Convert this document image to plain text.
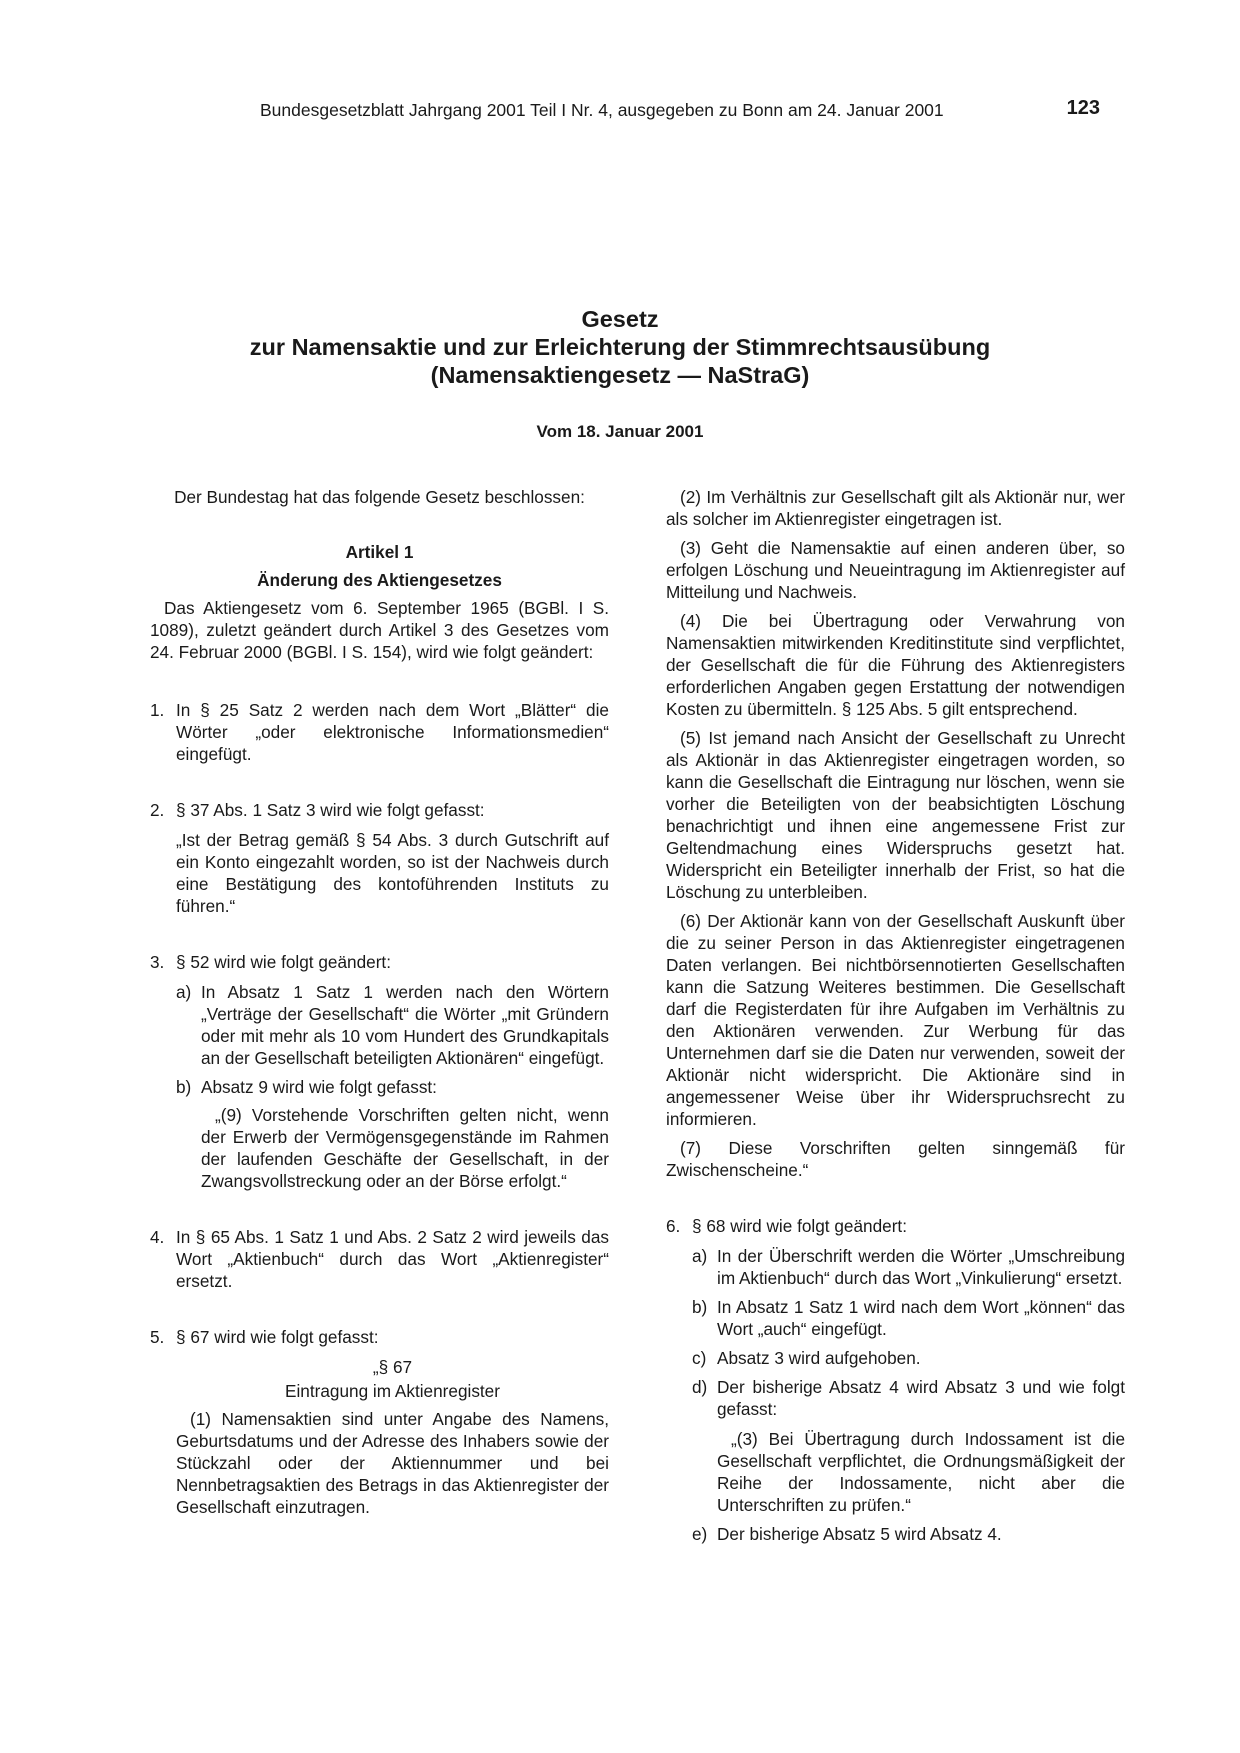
Bundesgesetzblatt Jahrgang 2001 Teil I Nr. 4, ausgegeben zu Bonn am 24. Januar 2001	123
Gesetz
zur Namensaktie und zur Erleichterung der Stimmrechtsausübung
(Namensaktiengesetz — NaStraG)
Vom 18. Januar 2001

Der Bundestag hat das folgende Gesetz beschlossen:

Artikel 1

Änderung des Aktiengesetzes

Das Aktiengesetz vom 6. September 1965 (BGBl. I S. 1089), zuletzt geändert durch Artikel 3 des Gesetzes vom 24. Februar 2000 (BGBl. I S. 154), wird wie folgt geändert:

1. In § 25 Satz 2 werden nach dem Wort „Blätter“ die Wörter „oder elektronische Informationsmedien“ eingefügt.

2. § 37 Abs. 1 Satz 3 wird wie folgt gefasst:

„Ist der Betrag gemäß § 54 Abs. 3 durch Gutschrift auf ein Konto eingezahlt worden, so ist der Nachweis durch eine Bestätigung des kontoführenden Instituts zu führen.“

3. § 52 wird wie folgt geändert:

a) In Absatz 1 Satz 1 werden nach den Wörtern „Verträge der Gesellschaft“ die Wörter „mit Gründern oder mit mehr als 10 vom Hundert des Grundkapitals an der Gesellschaft beteiligten Aktionären“ eingefügt.

b) Absatz 9 wird wie folgt gefasst:

„(9) Vorstehende Vorschriften gelten nicht, wenn der Erwerb der Vermögensgegenstände im Rahmen der laufenden Geschäfte der Gesellschaft, in der Zwangsvollstreckung oder an der Börse erfolgt.“

4. In § 65 Abs. 1 Satz 1 und Abs. 2 Satz 2 wird jeweils das Wort „Aktienbuch“ durch das Wort „Aktienregister“ ersetzt.

5. § 67 wird wie folgt gefasst:

„§ 67

Eintragung im Aktienregister

(1) Namensaktien sind unter Angabe des Namens, Geburtsdatums und der Adresse des Inhabers sowie der Stückzahl oder der Aktiennummer und bei Nennbetragsaktien des Betrags in das Aktienregister der Gesellschaft einzutragen.

(2) Im Verhältnis zur Gesellschaft gilt als Aktionär nur, wer als solcher im Aktienregister eingetragen ist.

(3) Geht die Namensaktie auf einen anderen über, so erfolgen Löschung und Neueintragung im Aktienregister auf Mitteilung und Nachweis.

(4) Die bei Übertragung oder Verwahrung von Namensaktien mitwirkenden Kreditinstitute sind verpflichtet, der Gesellschaft die für die Führung des Aktienregisters erforderlichen Angaben gegen Erstattung der notwendigen Kosten zu übermitteln. § 125 Abs. 5 gilt entsprechend.

(5) Ist jemand nach Ansicht der Gesellschaft zu Unrecht als Aktionär in das Aktienregister eingetragen worden, so kann die Gesellschaft die Eintragung nur löschen, wenn sie vorher die Beteiligten von der beabsichtigten Löschung benachrichtigt und ihnen eine angemessene Frist zur Geltendmachung eines Widerspruchs gesetzt hat. Widerspricht ein Beteiligter innerhalb der Frist, so hat die Löschung zu unterbleiben.

(6) Der Aktionär kann von der Gesellschaft Auskunft über die zu seiner Person in das Aktienregister eingetragenen Daten verlangen. Bei nichtbörsennotierten Gesellschaften kann die Satzung Weiteres bestimmen. Die Gesellschaft darf die Registerdaten für ihre Aufgaben im Verhältnis zu den Aktionären verwenden. Zur Werbung für das Unternehmen darf sie die Daten nur verwenden, soweit der Aktionär nicht widerspricht. Die Aktionäre sind in angemessener Weise über ihr Widerspruchsrecht zu informieren.

(7) Diese Vorschriften gelten sinngemäß für Zwischenscheine.“

6. § 68 wird wie folgt geändert:

a) In der Überschrift werden die Wörter „Umschreibung im Aktienbuch“ durch das Wort „Vinkulierung“ ersetzt.

b) In Absatz 1 Satz 1 wird nach dem Wort „können“ das Wort „auch“ eingefügt.

c) Absatz 3 wird aufgehoben.

d) Der bisherige Absatz 4 wird Absatz 3 und wie folgt gefasst:

„(3) Bei Übertragung durch Indossament ist die Gesellschaft verpflichtet, die Ordnungsmäßigkeit der Reihe der Indossamente, nicht aber die Unterschriften zu prüfen.“

e) Der bisherige Absatz 5 wird Absatz 4.
